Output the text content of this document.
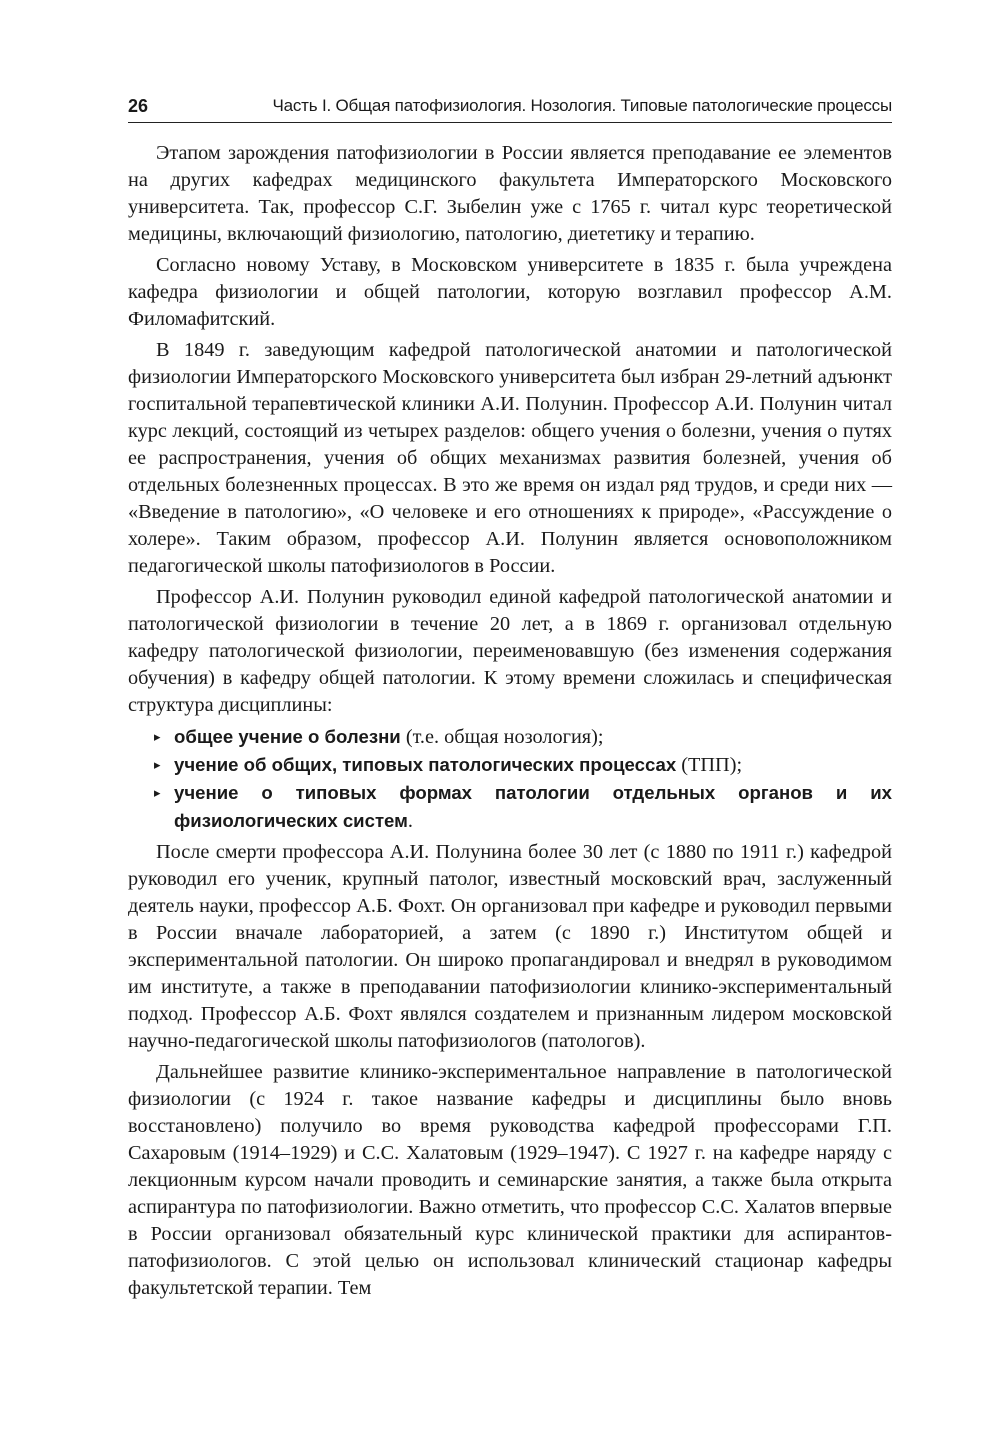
26	Часть I. Общая патофизиология. Нозология. Типовые патологические процессы

Этапом зарождения патофизиологии в России является преподавание ее элементов на других кафедрах медицинского факультета Императорского Московского университета. Так, профессор С.Г. Зыбелин уже с 1765 г. читал курс теоретической медицины, включающий физиологию, патологию, диететику и терапию.

Согласно новому Уставу, в Московском университете в 1835 г. была учреждена кафедра физиологии и общей патологии, которую возглавил профессор А.М. Филомафитский.

В 1849 г. заведующим кафедрой патологической анатомии и патологической физиологии Императорского Московского университета был избран 29-летний адъюнкт госпитальной терапевтической клиники А.И. Полунин. Профессор А.И. Полунин читал курс лекций, состоящий из четырех разделов: общего учения о болезни, учения о путях ее распространения, учения об общих механизмах развития болезней, учения об отдельных болезненных процессах. В это же время он издал ряд трудов, и среди них — «Введение в патологию», «О человеке и его отношениях к природе», «Рассуждение о холере». Таким образом, профессор А.И. Полунин является основоположником педагогической школы патофизиологов в России.

Профессор А.И. Полунин руководил единой кафедрой патологической анатомии и патологической физиологии в течение 20 лет, а в 1869 г. организовал отдельную кафедру патологической физиологии, переименовавшую (без изменения содержания обучения) в кафедру общей патологии. К этому времени сложилась и специфическая структура дисциплины:

▸ общее учение о болезни (т.е. общая нозология);
▸ учение об общих, типовых патологических процессах (ТПП);
▸ учение о типовых формах патологии отдельных органов и их физиологических систем.

После смерти профессора А.И. Полунина более 30 лет (с 1880 по 1911 г.) кафедрой руководил его ученик, крупный патолог, известный московский врач, заслуженный деятель науки, профессор А.Б. Фохт. Он организовал при кафедре и руководил первыми в России вначале лабораторией, а затем (с 1890 г.) Институтом общей и экспериментальной патологии. Он широко пропагандировал и внедрял в руководимом им институте, а также в преподавании патофизиологии клинико-экспериментальный подход. Профессор А.Б. Фохт являлся создателем и признанным лидером московской научно-педагогической школы патофизиологов (патологов).

Дальнейшее развитие клинико-экспериментальное направление в патологической физиологии (с 1924 г. такое название кафедры и дисциплины было вновь восстановлено) получило во время руководства кафедрой профессорами Г.П. Сахаровым (1914–1929) и С.С. Халатовым (1929–1947). С 1927 г. на кафедре наряду с лекционным курсом начали проводить и семинарские занятия, а также была открыта аспирантура по патофизиологии. Важно отметить, что профессор С.С. Халатов впервые в России организовал обязательный курс клинической практики для аспирантов-патофизиологов. С этой целью он использовал клинический стационар кафедры факультетской терапии. Тем
